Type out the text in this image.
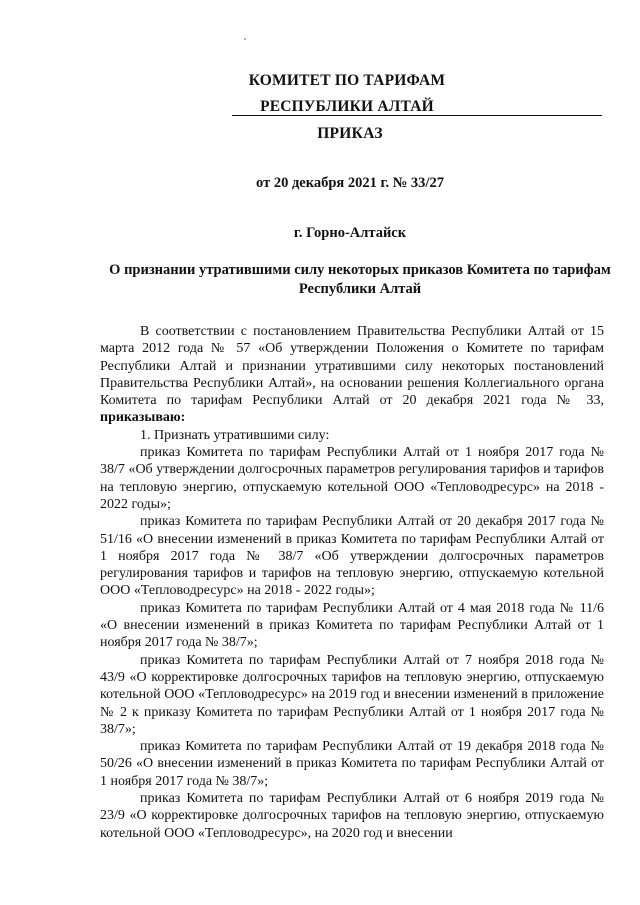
КОМИТЕТ ПО ТАРИФАМ
РЕСПУБЛИКИ АЛТАЙ
ПРИКАЗ
от 20 декабря 2021 г. № 33/27
г. Горно-Алтайск
О признании утратившими силу некоторых приказов Комитета по тарифам Республики Алтай

В соответствии с постановлением Правительства Республики Алтай от 15 марта 2012 года № 57 «Об утверждении Положения о Комитете по тарифам Республики Алтай и признании утратившими силу некоторых постановлений Правительства Республики Алтай», на основании решения Коллегиального органа Комитета по тарифам Республики Алтай от 20 декабря 2021 года № 33, приказываю:

1. Признать утратившими силу:

приказ Комитета по тарифам Республики Алтай от 1 ноября 2017 года № 38/7 «Об утверждении долгосрочных параметров регулирования тарифов и тарифов на тепловую энергию, отпускаемую котельной ООО «Тепловодресурс» на 2018 - 2022 годы»;

приказ Комитета по тарифам Республики Алтай от 20 декабря 2017 года № 51/16 «О внесении изменений в приказ Комитета по тарифам Республики Алтай от 1 ноября 2017 года № 38/7 «Об утверждении долгосрочных параметров регулирования тарифов и тарифов на тепловую энергию, отпускаемую котельной ООО «Тепловодресурс» на 2018 - 2022 годы»;

приказ Комитета по тарифам Республики Алтай от 4 мая 2018 года № 11/6 «О внесении изменений в приказ Комитета по тарифам Республики Алтай от 1 ноября 2017 года № 38/7»;

приказ Комитета по тарифам Республики Алтай от 7 ноября 2018 года № 43/9 «О корректировке долгосрочных тарифов на тепловую энергию, отпускаемую котельной ООО «Тепловодресурс» на 2019 год и внесении изменений в приложение № 2 к приказу Комитета по тарифам Республики Алтай от 1 ноября 2017 года № 38/7»;

приказ Комитета по тарифам Республики Алтай от 19 декабря 2018 года № 50/26 «О внесении изменений в приказ Комитета по тарифам Республики Алтай от 1 ноября 2017 года № 38/7»;

приказ Комитета по тарифам Республики Алтай от 6 ноября 2019 года № 23/9 «О корректировке долгосрочных тарифов на тепловую энергию, отпускаемую котельной ООО «Тепловодресурс», на 2020 год и внесении
